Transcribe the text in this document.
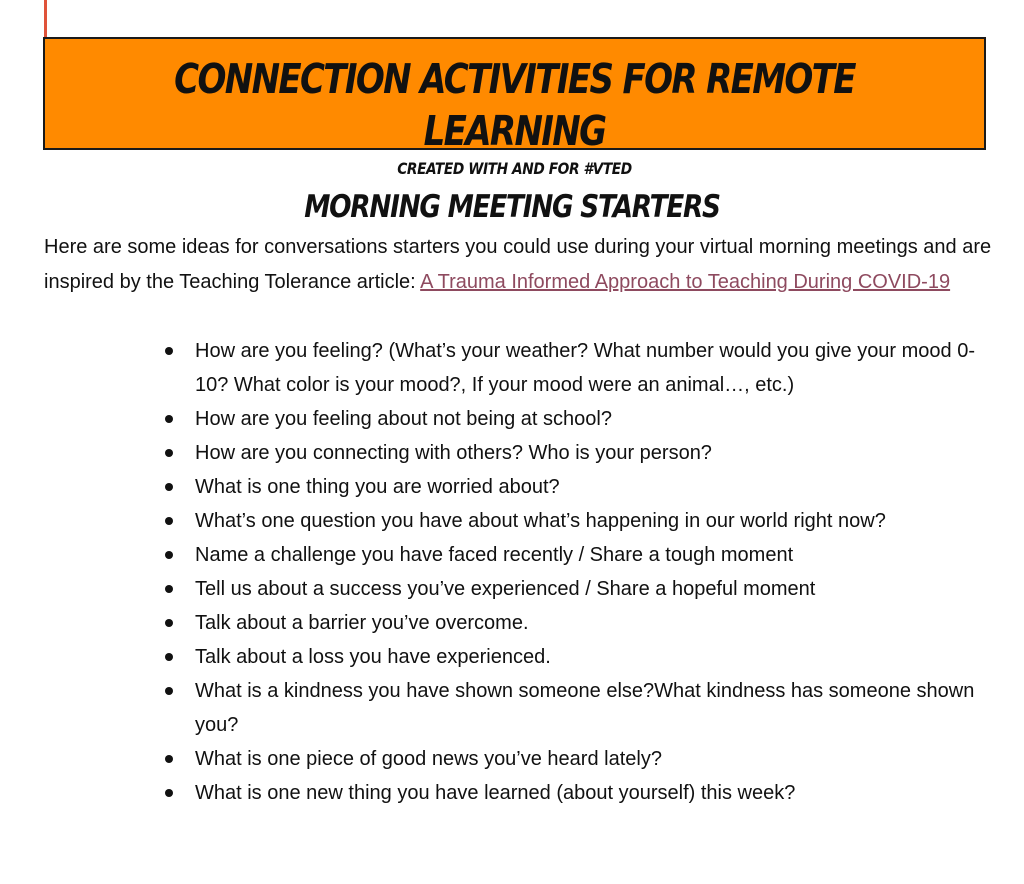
CONNECTION ACTIVITIES FOR REMOTE LEARNING
CREATED WITH AND FOR #VTED
MORNING MEETING STARTERS

Here are some ideas for conversations starters you could use during your virtual morning meetings and are inspired by the Teaching Tolerance article: A Trauma Informed Approach to Teaching During COVID-19

How are you feeling? (What’s your weather? What number would you give your mood 0-10? What color is your mood?, If your mood were an animal…, etc.)
How are you feeling about not being at school?
How are you connecting with others? Who is your person?
What is one thing you are worried about?
What’s one question you have about what’s happening in our world right now?
Name a challenge you have faced recently / Share a tough moment
Tell us about a success you’ve experienced / Share a hopeful moment
Talk about a barrier you’ve overcome.
Talk about a loss you have experienced.
What is a kindness you have shown someone else?What kindness has someone shown you?
What is one piece of good news you’ve heard lately?
What is one new thing you have learned (about yourself) this week?
